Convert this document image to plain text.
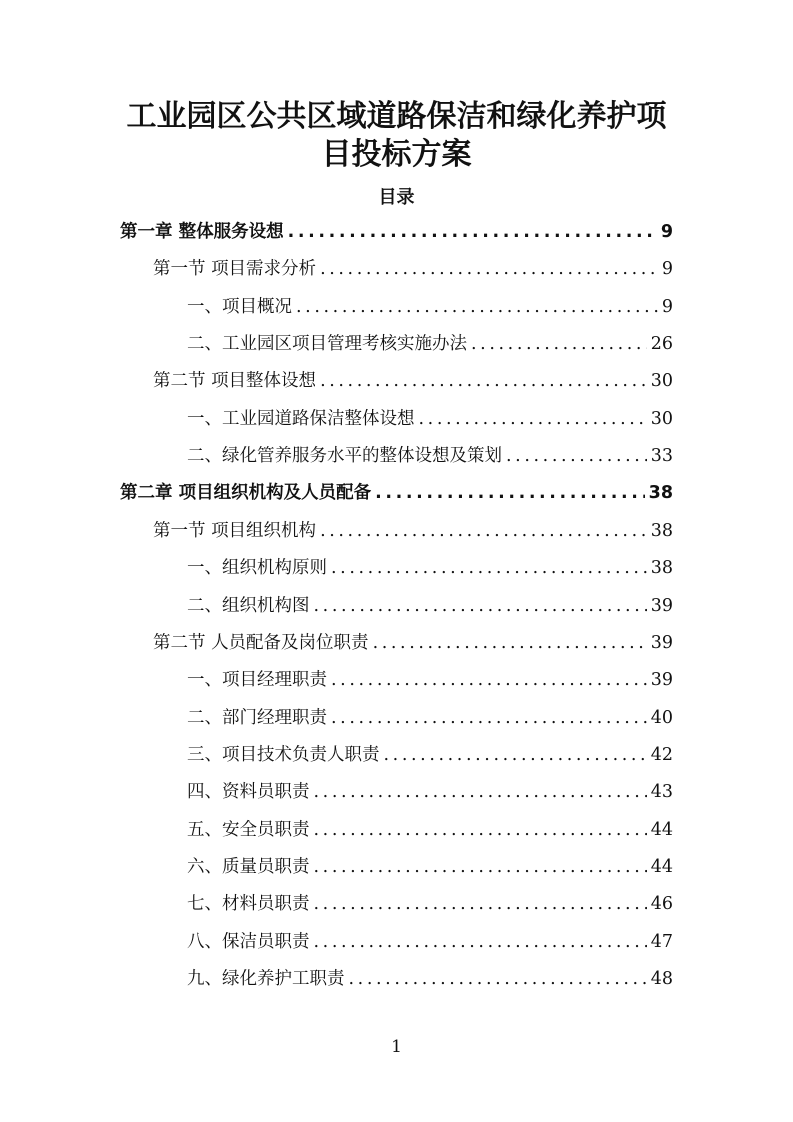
工业园区公共区域道路保洁和绿化养护项
目投标方案
目录
第一章 整体服务设想 .....	9
第一节 项目需求分析 .....	9
一、项目概况 .....	9
二、工业园区项目管理考核实施办法 .....	26
第二节 项目整体设想 .....	30
一、工业园道路保洁整体设想 .....	30
二、绿化管养服务水平的整体设想及策划 .....	33
第二章 项目组织机构及人员配备 .....	38
第一节 项目组织机构 .....	38
一、组织机构原则 .....	38
二、组织机构图 .....	39
第二节 人员配备及岗位职责 .....	39
一、项目经理职责 .....	39
二、部门经理职责 .....	40
三、项目技术负责人职责 .....	42
四、资料员职责 .....	43
五、安全员职责 .....	44
六、质量员职责 .....	44
七、材料员职责 .....	46
八、保洁员职责 .....	47
九、绿化养护工职责 .....	48
1
